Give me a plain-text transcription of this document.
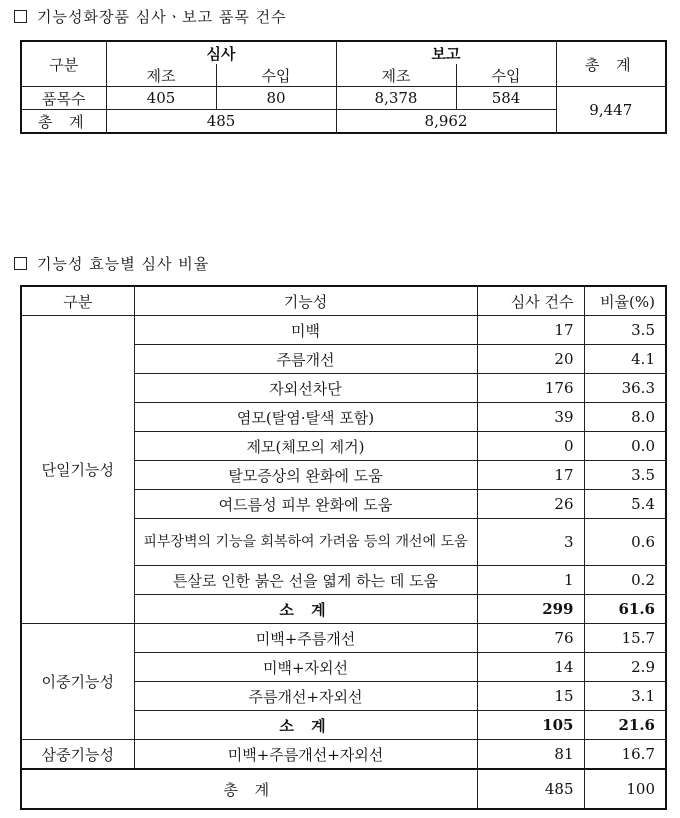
기능성화장품 심사ㆍ보고 품목 건수
구분	심사		보고		총 계
	제조	수입	제조	수입	
품목수	405	80	8,378	584	9,447
총 계	485		8,962		
기능성 효능별 심사 비율
구분	기능성	심사 건수	비율(%)
단일기능성	미백	17	3.5
	주름개선	20	4.1
	자외선차단	176	36.3
	염모(탈염·탈색 포함)	39	8.0
	제모(체모의 제거)	0	0.0
	탈모증상의 완화에 도움	17	3.5
	여드름성 피부 완화에 도움	26	5.4
	피부장벽의 기능을 회복하여 가려움 등의 개선에 도움	3	0.6
	튼살로 인한 붉은 선을 엷게 하는 데 도움	1	0.2
	소 계	299	61.6
이중기능성	미백+주름개선	76	15.7
	미백+자외선	14	2.9
	주름개선+자외선	15	3.1
	소 계	105	21.6
삼중기능성	미백+주름개선+자외선	81	16.7
총 계		485	100
